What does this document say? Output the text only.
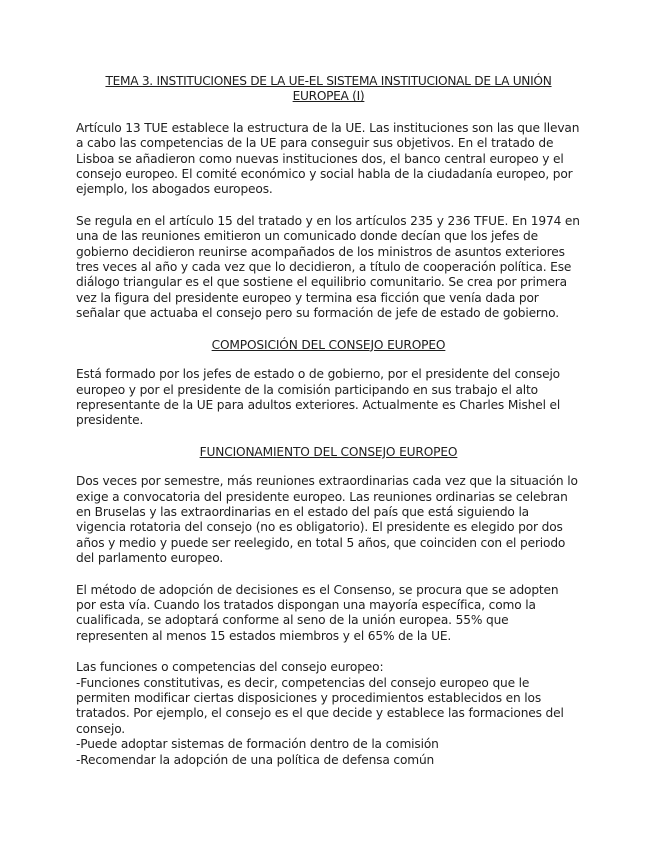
TEMA 3. INSTITUCIONES DE LA UE-EL SISTEMA INSTITUCIONAL DE LA UNIÓN
EUROPEA (I)

Artículo 13 TUE establece la estructura de la UE. Las instituciones son las que llevan a cabo las competencias de la UE para conseguir sus objetivos. En el tratado de Lisboa se añadieron como nuevas instituciones dos, el banco central europeo y el consejo europeo. El comité económico y social habla de la ciudadanía europeo, por ejemplo, los abogados europeos.

Se regula en el artículo 15 del tratado y en los artículos 235 y 236 TFUE. En 1974 en una de las reuniones emitieron un comunicado donde decían que los jefes de gobierno decidieron reunirse acompañados de los ministros de asuntos exteriores tres veces al año y cada vez que lo decidieron, a título de cooperación política. Ese diálogo triangular es el que sostiene el equilibrio comunitario. Se crea por primera vez la figura del presidente europeo y termina esa ficción que venía dada por señalar que actuaba el consejo pero su formación de jefe de estado de gobierno.

COMPOSICIÓN DEL CONSEJO EUROPEO

Está formado por los jefes de estado o de gobierno, por el presidente del consejo europeo y por el presidente de la comisión participando en sus trabajo el alto representante de la UE para adultos exteriores. Actualmente es Charles Mishel el presidente.

FUNCIONAMIENTO DEL CONSEJO EUROPEO

Dos veces por semestre, más reuniones extraordinarias cada vez que la situación lo exige a convocatoria del presidente europeo. Las reuniones ordinarias se celebran en Bruselas y las extraordinarias en el estado del país que está siguiendo la vigencia rotatoria del consejo (no es obligatorio). El presidente es elegido por dos años y medio y puede ser reelegido, en total 5 años, que coinciden con el periodo del parlamento europeo.

El método de adopción de decisiones es el Consenso, se procura que se adopten por esta vía. Cuando los tratados dispongan una mayoría específica, como la cualificada, se adoptará conforme al seno de la unión europea. 55% que representen al menos 15 estados miembros y el 65% de la UE.

Las funciones o competencias del consejo europeo:

-Funciones constitutivas, es decir, competencias del consejo europeo que le permiten modificar ciertas disposiciones y procedimientos establecidos en los tratados. Por ejemplo, el consejo es el que decide y establece las formaciones del consejo.
-Puede adoptar sistemas de formación dentro de la comisión
-Recomendar la adopción de una política de defensa común
